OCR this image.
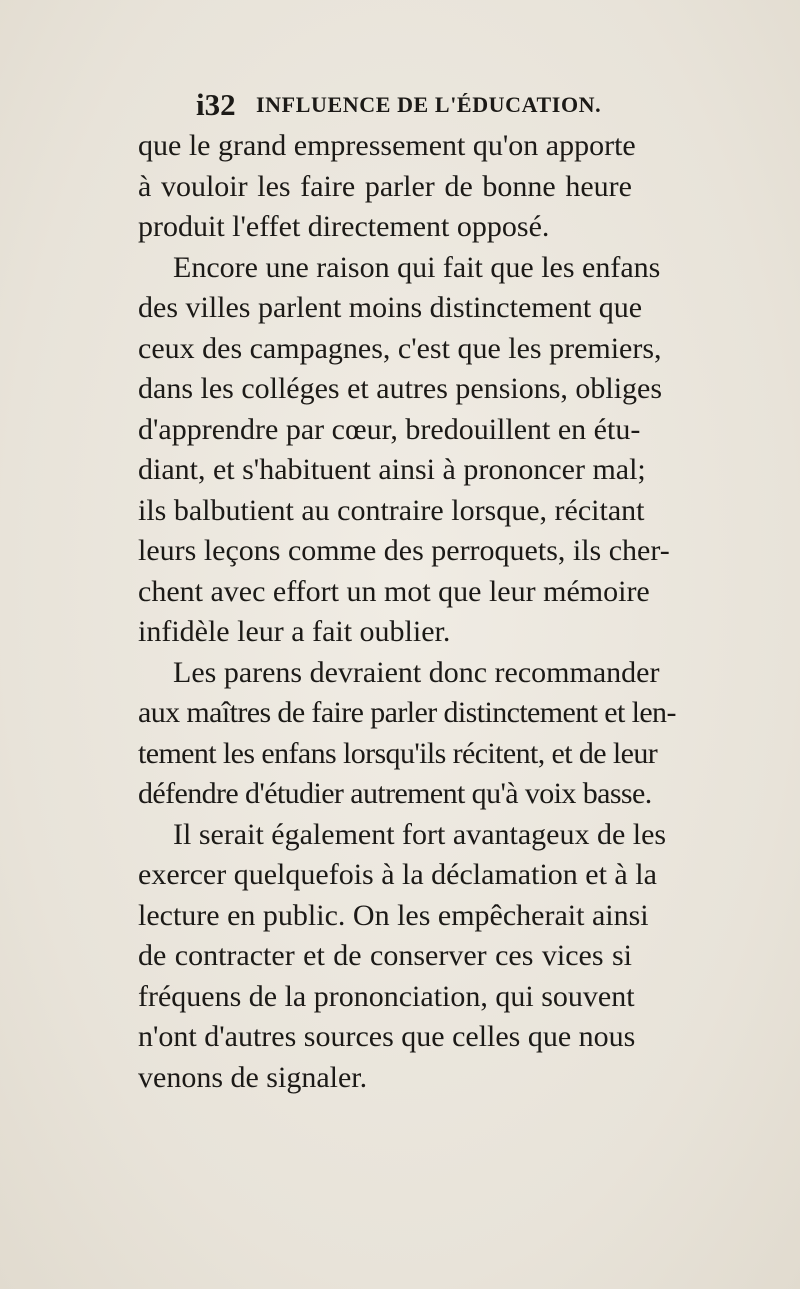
i32 INFLUENCE DE L'ÉDUCATION.
que le grand empressement qu'on apporte
à vouloir les faire parler de bonne heure
produit l'effet directement opposé.
Encore une raison qui fait que les enfans
des villes parlent moins distinctement que
ceux des campagnes, c'est que les premiers,
dans les colléges et autres pensions, obliges
d'apprendre par cœur, bredouillent en étu-
diant, et s'habituent ainsi à prononcer mal;
ils balbutient au contraire lorsque, récitant
leurs leçons comme des perroquets, ils cher-
chent avec effort un mot que leur mémoire
infidèle leur a fait oublier.
Les parens devraient donc recommander
aux maîtres de faire parler distinctement et len-
tement les enfans lorsqu'ils récitent, et de leur
défendre d'étudier autrement qu'à voix basse.
Il serait également fort avantageux de les
exercer quelquefois à la déclamation et à la
lecture en public. On les empêcherait ainsi
de contracter et de conserver ces vices si
fréquens de la prononciation, qui souvent
n'ont d'autres sources que celles que nous
venons de signaler.
